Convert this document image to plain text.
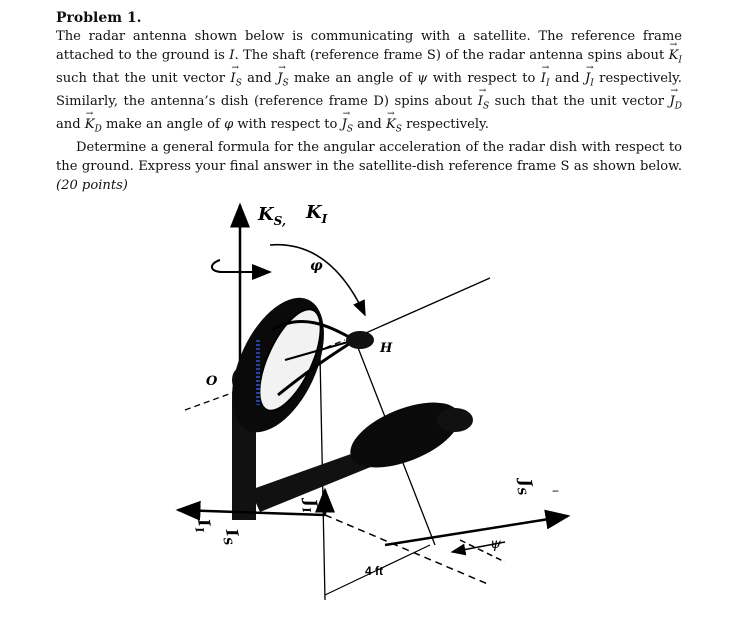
Problem 1.

The radar antenna shown below is communicating with a satellite. The reference frame attached to the ground is I. The shaft (reference frame S) of the radar antenna spins about → $K_I$ such that the unit vector → $I_S$ and → $J_S$ make an angle of ψ with respect to → $I_I$ and → $J_I$ respectively. Similarly, the antenna’s dish (reference frame D) spins about → $I_S$ such that the unit vector → $J_D$ and → $K_D$ make an angle of φ with respect to → $J_S$ and → $K_S$ respectively.

Determine a general formula for the angular acceleration of the radar dish with respect to the ground. Express your final answer in the satellite-dish reference frame S as shown below. (20 points)

$K_{S,}$ $K_I$
φ
H
O
$I_I$ $I_S$
$J_I$
$J_S$	–
ψ
4 ft
